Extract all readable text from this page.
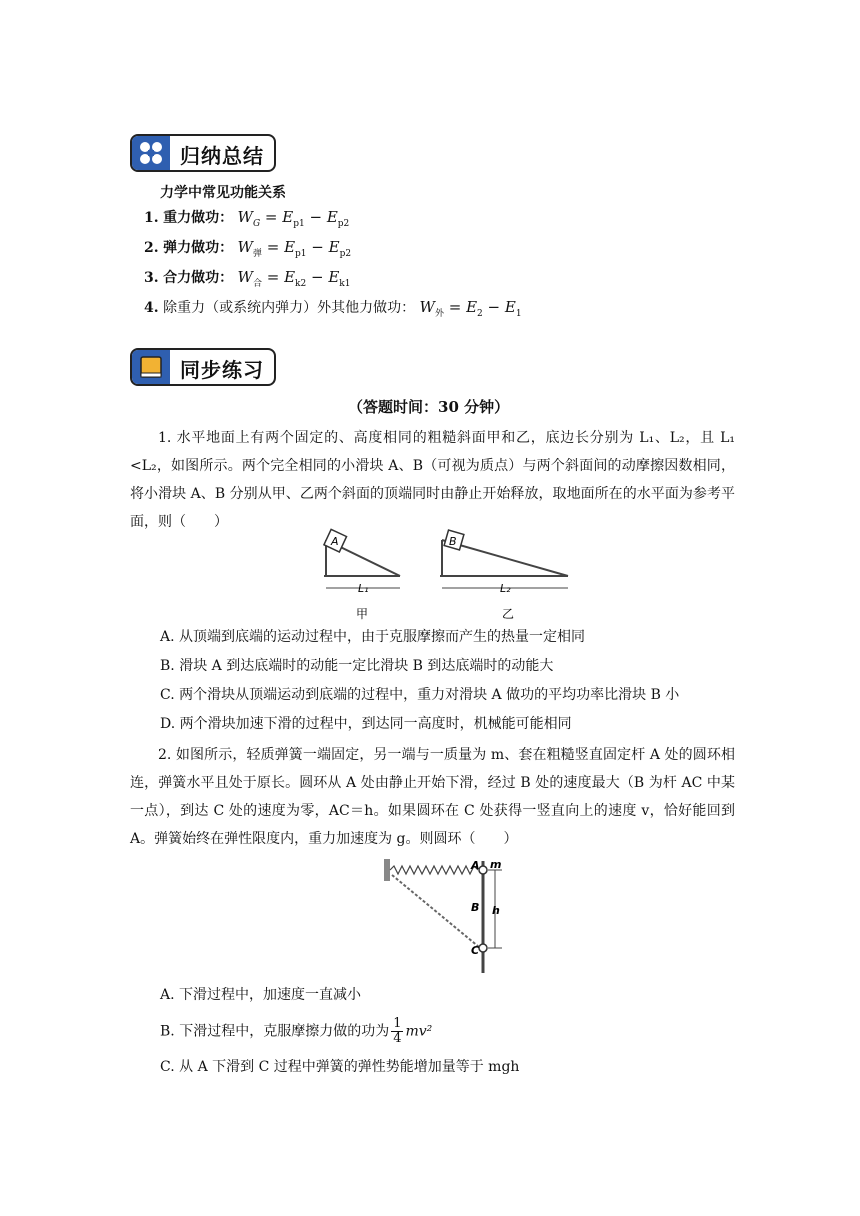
归纳总结
力学中常见功能关系
1. 重力做功： $W_G = E_{p1} - E_{p2}$
2. 弹力做功： $W_弹 = E_{p1} - E_{p2}$
3. 合力做功： $W_合 = E_{k2} - E_{k1}$
4. 除重力（或系统内弹力）外其他力做功： $W_外 = E_2 - E_1$
同步练习
（答题时间：30 分钟）
1. 水平地面上有两个固定的、高度相同的粗糙斜面甲和乙，底边长分别为 L₁、L₂，且 L₁ <L₂，如图所示。两个完全相同的小滑块 A、B（可视为质点）与两个斜面间的动摩擦因数相同，将小滑块 A、B 分别从甲、乙两个斜面的顶端同时由静止开始释放，取地面所在的水平面为参考平面，则（　　）
A
L₁
甲
B
L₂
乙
A. 从顶端到底端的运动过程中，由于克服摩擦而产生的热量一定相同
B. 滑块 A 到达底端时的动能一定比滑块 B 到达底端时的动能大
C. 两个滑块从顶端运动到底端的过程中，重力对滑块 A 做功的平均功率比滑块 B 小
D. 两个滑块加速下滑的过程中，到达同一高度时，机械能可能相同
2. 如图所示，轻质弹簧一端固定，另一端与一质量为 m、套在粗糙竖直固定杆 A 处的圆环相连，弹簧水平且处于原长。圆环从 A 处由静止开始下滑，经过 B 处的速度最大（B 为杆 AC 中某一点），到达 C 处的速度为零，AC＝h。如果圆环在 C 处获得一竖直向上的速度 v，恰好能回到 A。弹簧始终在弹性限度内，重力加速度为 g。则圆环（　　）
A m
B
C
h
A. 下滑过程中，加速度一直减小
B. 下滑过程中，克服摩擦力做的功为 $\frac{1}{4} mv^2$
C. 从 A 下滑到 C 过程中弹簧的弹性势能增加量等于 mgh
